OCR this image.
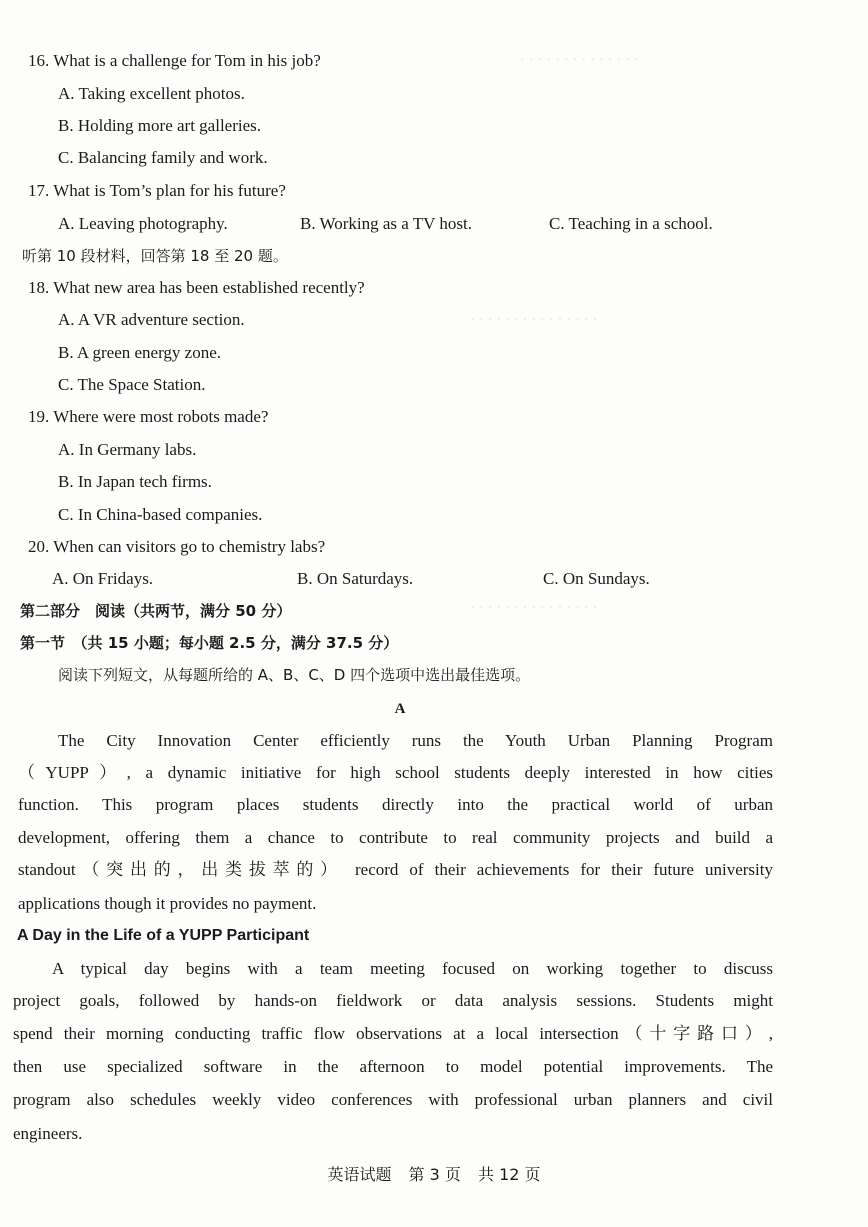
· · · · · · · · · · · · · ·
· · · · · · · · · · · · · · ·
· · · · · · · · · · · · · · ·
16. What is a challenge for Tom in his job?
A. Taking excellent photos.
B. Holding more art galleries.
C. Balancing family and work.
17. What is Tom’s plan for his future?
A. Leaving photography.	B. Working as a TV host.	C. Teaching in a school.
听第 10 段材料，回答第 18 至 20 题。
18. What new area has been established recently?
A. A VR adventure section.
B. A green energy zone.
C. The Space Station.
19. Where were most robots made?
A. In Germany labs.
B. In Japan tech firms.
C. In China-based companies.
20. When can visitors go to chemistry labs?
A. On Fridays.	B. On Saturdays.	C. On Sundays.
第二部分　阅读（共两节，满分 50 分）
第一节　（共 15 小题；每小题 2.5 分，满分 37.5 分）
阅读下列短文，从每题所给的 A、B、C、D 四个选项中选出最佳选项。
A
The City Innovation Center efficiently runs the Youth Urban Planning Program
（YUPP）, a dynamic initiative for high school students deeply interested in how cities
function. This program places students directly into the practical world of urban
development, offering them a chance to contribute to real community projects and build a
standout（突出的，出类拔萃的） record of their achievements for their future university
applications though it provides no payment.
A Day in the Life of a YUPP Participant
A typical day begins with a team meeting focused on working together to discuss
project goals, followed by hands-on fieldwork or data analysis sessions. Students might
spend their morning conducting traffic flow observations at a local intersection（十字路口）,
then use specialized software in the afternoon to model potential improvements. The
program also schedules weekly video conferences with professional urban planners and civil
engineers.
英语试题 第 3 页 共 12 页
